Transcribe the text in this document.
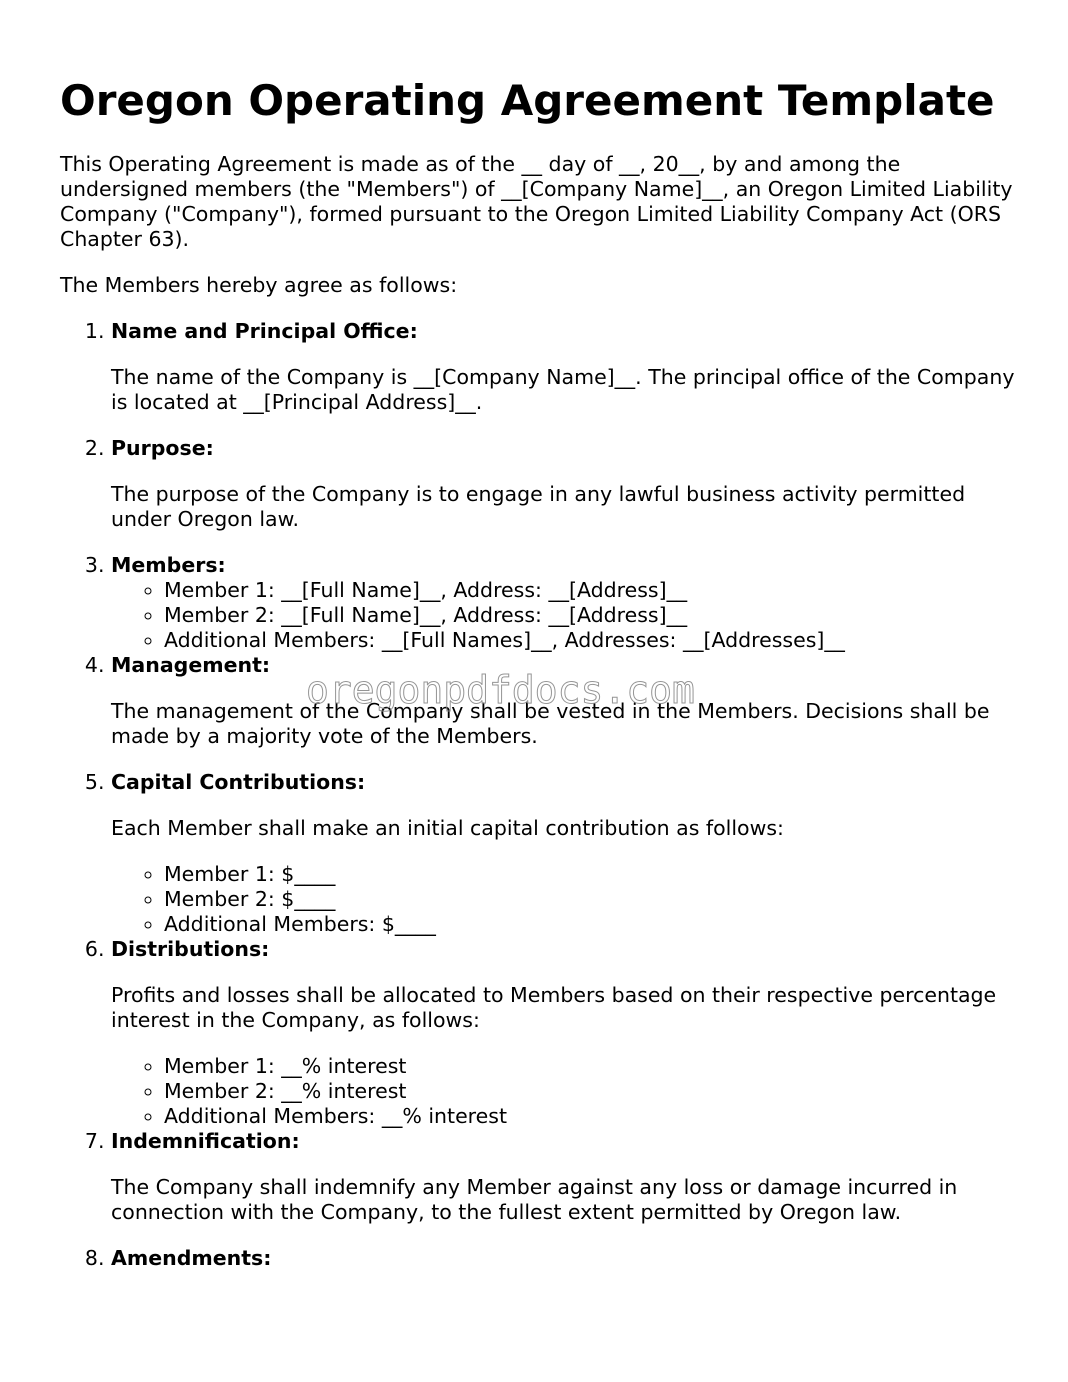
Oregon Operating Agreement Template

This Operating Agreement is made as of the __ day of __, 20__, by and among the undersigned members (the "Members") of __[Company Name]__, an Oregon Limited Liability Company ("Company"), formed pursuant to the Oregon Limited Liability Company Act (ORS Chapter 63).

The Members hereby agree as follows:

1. Name and Principal Office:

The name of the Company is __[Company Name]__. The principal office of the Company is located at __[Principal Address]__.

2. Purpose:

The purpose of the Company is to engage in any lawful business activity permitted under Oregon law.

3. Members:
◦ Member 1: __[Full Name]__, Address: __[Address]__
◦ Member 2: __[Full Name]__, Address: __[Address]__
◦ Additional Members: __[Full Names]__, Addresses: __[Addresses]__
4. Management:

The management of the Company shall be vested in the Members. Decisions shall be made by a majority vote of the Members.

5. Capital Contributions:

Each Member shall make an initial capital contribution as follows:

◦ Member 1: $____
◦ Member 2: $____
◦ Additional Members: $____
6. Distributions:

Profits and losses shall be allocated to Members based on their respective percentage interest in the Company, as follows:

◦ Member 1: __% interest
◦ Member 2: __% interest
◦ Additional Members: __% interest
7. Indemnification:

The Company shall indemnify any Member against any loss or damage incurred in connection with the Company, to the fullest extent permitted by Oregon law.

8. Amendments:
oregonpdfdocs.com
